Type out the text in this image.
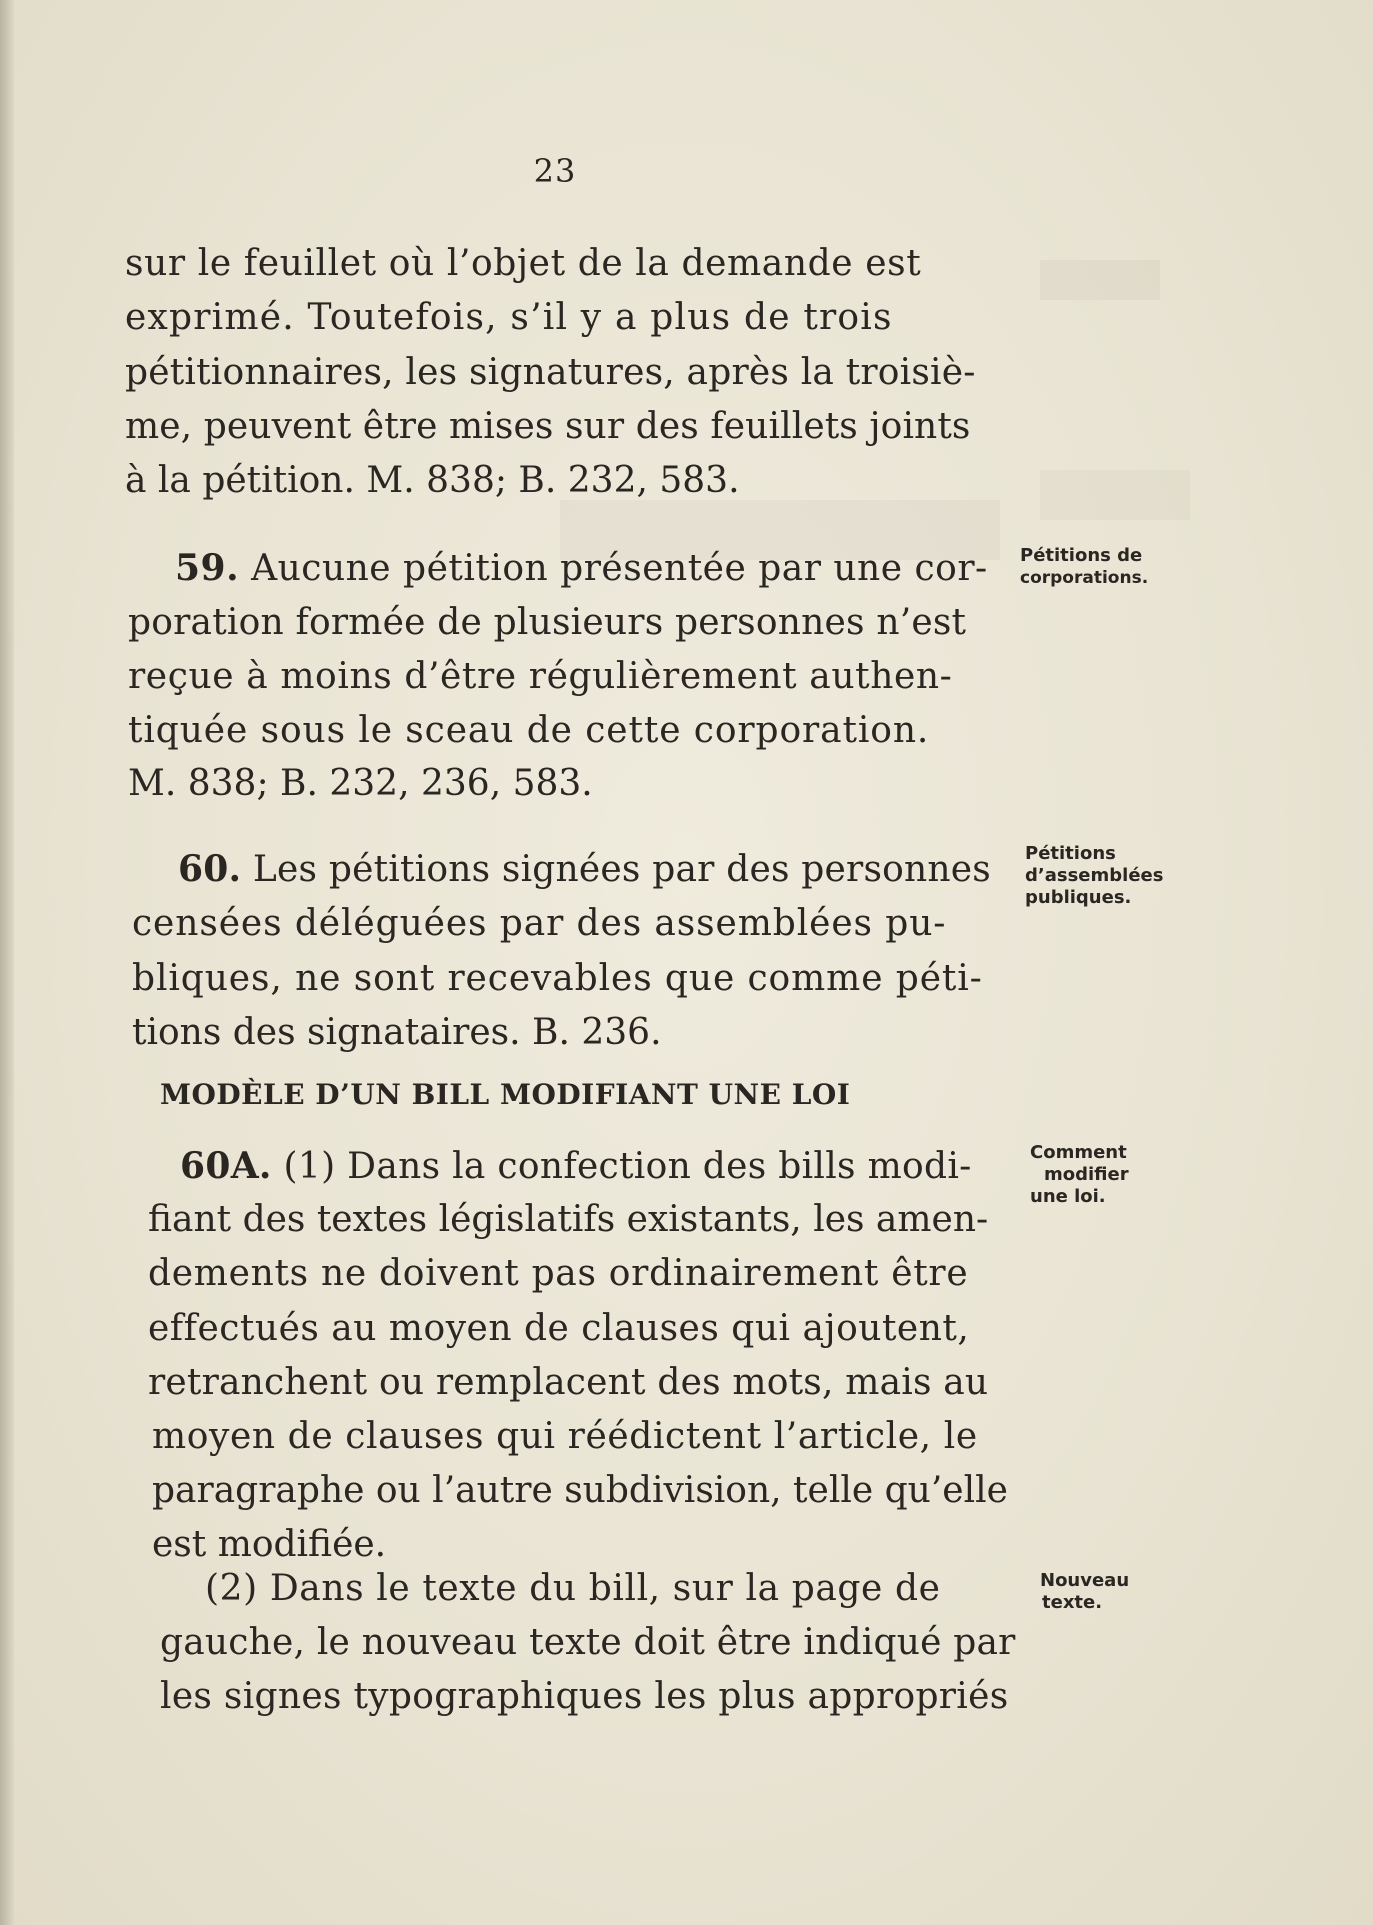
23
sur le feuillet où l’objet de la demande est
exprimé. Toutefois, s’il y a plus de trois
pétitionnaires, les signatures, après la troisiè-
me, peuvent être mises sur des feuillets joints
à la pétition. M. 838; B. 232, 583.
59. Aucune pétition présentée par une cor-
poration formée de plusieurs personnes n’est
reçue à moins d’être régulièrement authen-
tiquée sous le sceau de cette corporation.
M. 838; B. 232, 236, 583.
Pétitions de
corporations.
60. Les pétitions signées par des personnes
censées déléguées par des assemblées pu-
bliques, ne sont recevables que comme péti-
tions des signataires. B. 236.
Pétitions
d’assemblées
publiques.
MODÈLE D’UN BILL MODIFIANT UNE LOI
60A. (1) Dans la confection des bills modi-
fiant des textes législatifs existants, les amen-
dements ne doivent pas ordinairement être
effectués au moyen de clauses qui ajoutent,
retranchent ou remplacent des mots, mais au
moyen de clauses qui réédictent l’article, le
paragraphe ou l’autre subdivision, telle qu’elle
est modifiée.
Comment
modifier
une loi.
(2) Dans le texte du bill, sur la page de
gauche, le nouveau texte doit être indiqué par
les signes typographiques les plus appropriés
Nouveau
texte.
